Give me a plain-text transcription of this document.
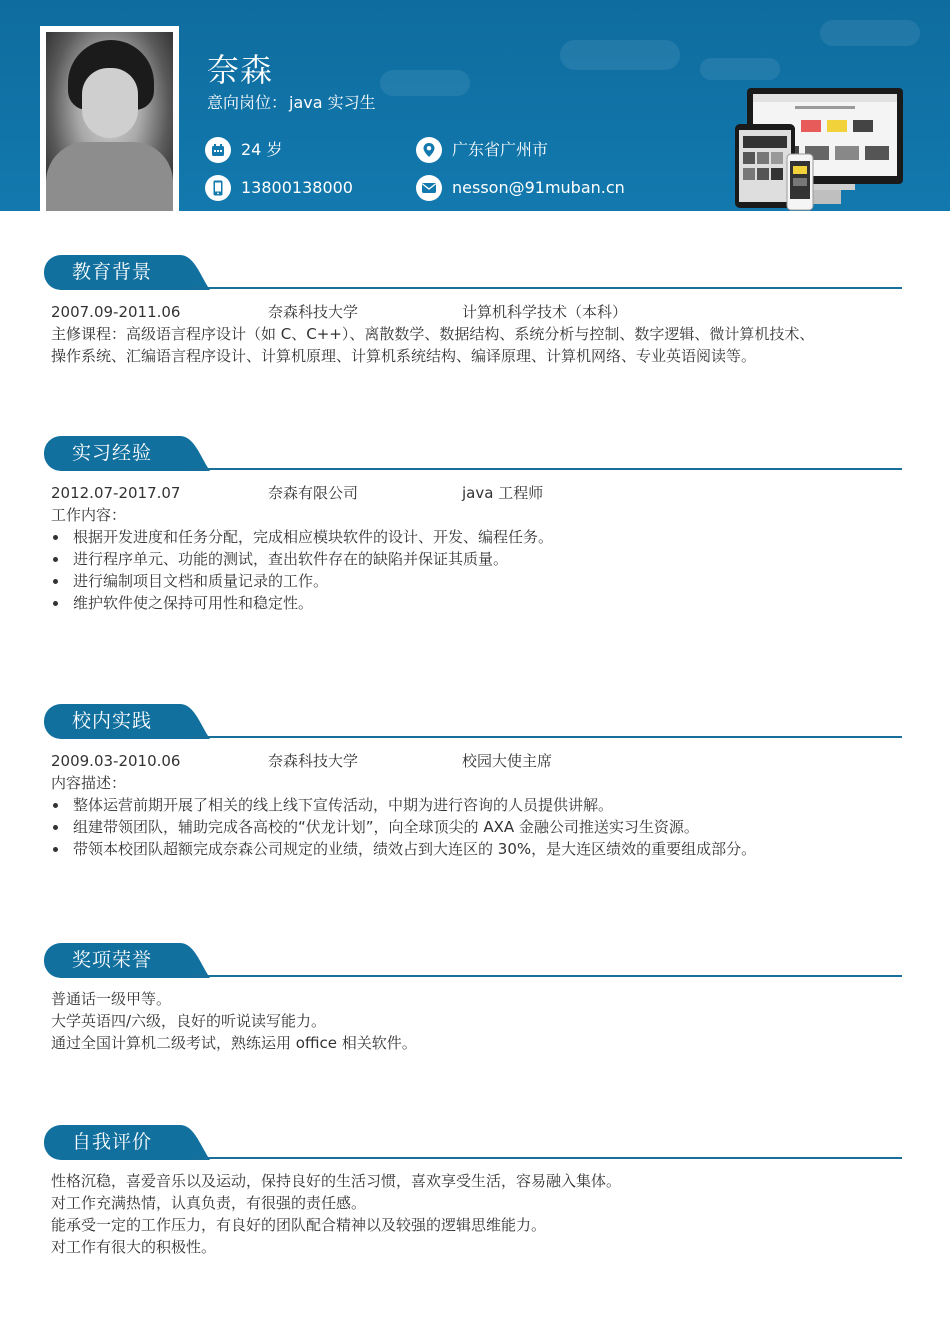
奈森
意向岗位： java 实习生
24 岁	广东省广州市
13800138000	nesson@91muban.cn
教育背景
2007.09-2011.06	奈森科技大学	计算机科学技术（本科）

主修课程：高级语言程序设计（如 C、C++）、离散数学、数据结构、系统分析与控制、数字逻辑、微计算机技术、

操作系统、汇编语言程序设计、计算机原理、计算机系统结构、编译原理、计算机网络、专业英语阅读等。

实习经验
2012.07-2017.07	奈森有限公司	java 工程师

工作内容：

根据开发进度和任务分配，完成相应模块软件的设计、开发、编程任务。
进行程序单元、功能的测试，查出软件存在的缺陷并保证其质量。
进行编制项目文档和质量记录的工作。
维护软件使之保持可用性和稳定性。
校内实践
2009.03-2010.06	奈森科技大学	校园大使主席

内容描述：

整体运营前期开展了相关的线上线下宣传活动，中期为进行咨询的人员提供讲解。
组建带领团队，辅助完成各高校的“伏龙计划”，向全球顶尖的 AXA 金融公司推送实习生资源。
带领本校团队超额完成奈森公司规定的业绩，绩效占到大连区的 30%，是大连区绩效的重要组成部分。
奖项荣誉

普通话一级甲等。

大学英语四/六级，良好的听说读写能力。

通过全国计算机二级考试，熟练运用 office 相关软件。

自我评价

性格沉稳，喜爱音乐以及运动，保持良好的生活习惯，喜欢享受生活，容易融入集体。

对工作充满热情，认真负责，有很强的责任感。

能承受一定的工作压力，有良好的团队配合精神以及较强的逻辑思维能力。

对工作有很大的积极性。
